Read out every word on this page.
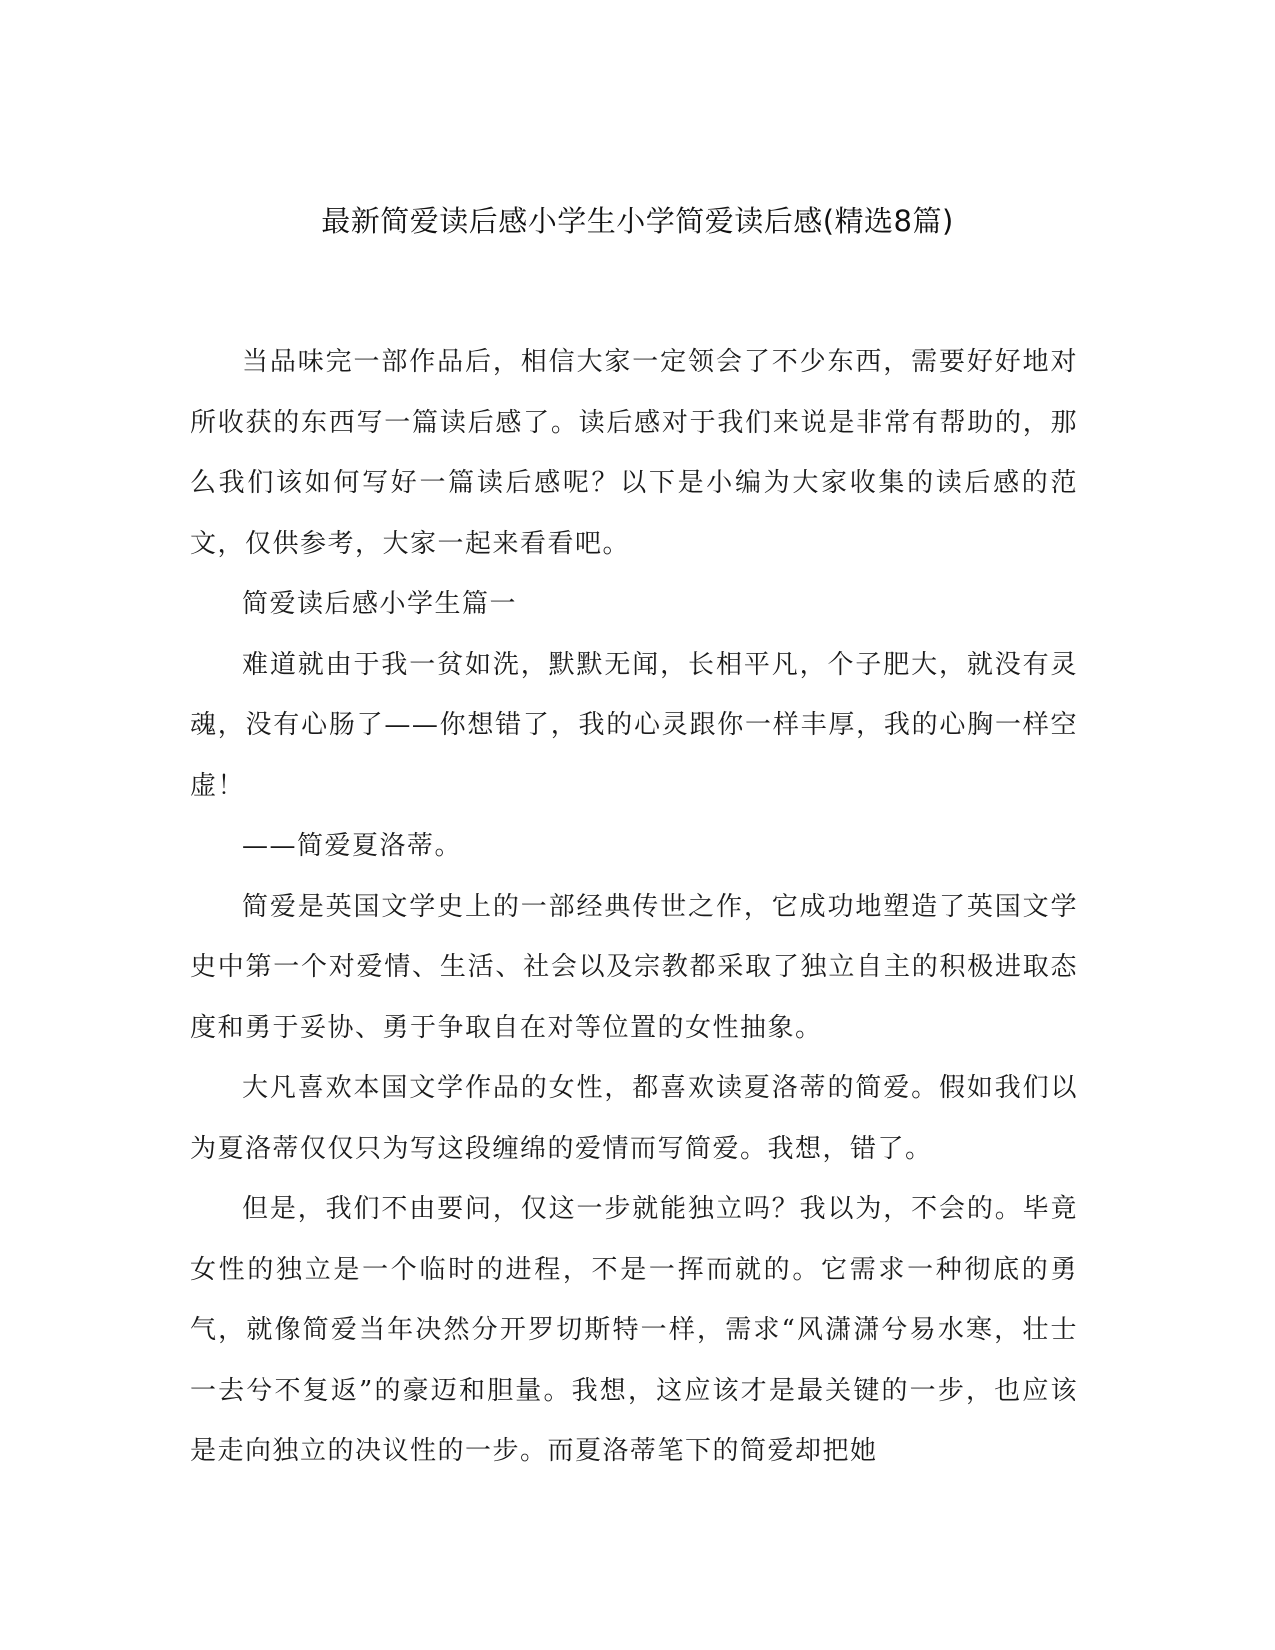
最新简爱读后感小学生小学简爱读后感(精选8篇)

当品味完一部作品后，相信大家一定领会了不少东西，需要好好地对所收获的东西写一篇读后感了。读后感对于我们来说是非常有帮助的，那么我们该如何写好一篇读后感呢？以下是小编为大家收集的读后感的范文，仅供参考，大家一起来看看吧。

简爱读后感小学生篇一

难道就由于我一贫如洗，默默无闻，长相平凡，个子肥大，就没有灵魂，没有心肠了——你想错了，我的心灵跟你一样丰厚，我的心胸一样空虚！

——简爱夏洛蒂。

简爱是英国文学史上的一部经典传世之作，它成功地塑造了英国文学史中第一个对爱情、生活、社会以及宗教都采取了独立自主的积极进取态度和勇于妥协、勇于争取自在对等位置的女性抽象。

大凡喜欢本国文学作品的女性，都喜欢读夏洛蒂的简爱。假如我们以为夏洛蒂仅仅只为写这段缠绵的爱情而写简爱。我想，错了。

但是，我们不由要问，仅这一步就能独立吗？我以为，不会的。毕竟女性的独立是一个临时的进程，不是一挥而就的。它需求一种彻底的勇气，就像简爱当年决然分开罗切斯特一样，需求“风潇潇兮易水寒，壮士一去兮不复返”的豪迈和胆量。我想，这应该才是最关键的一步，也应该是走向独立的决议性的一步。而夏洛蒂笔下的简爱却把她
